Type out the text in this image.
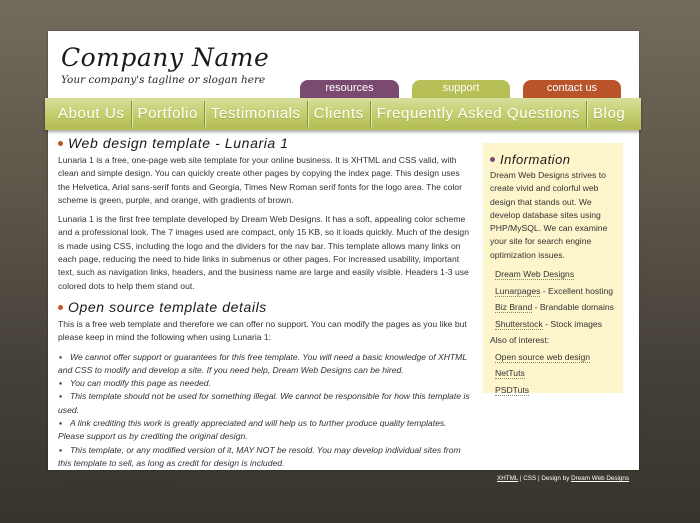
Company Name
Your company's tagline or slogan here
resources	support	contact us
Web design template - Lunaria 1

Lunaria 1 is a free, one-page web site template for your online business. It is XHTML and CSS valid, with clean and simple design. You can quickly create other pages by copying the index page. This design uses the Helvetica, Arial sans-serif fonts and Georgia, Times New Roman serif fonts for the logo area. The color scheme is green, purple, and orange, with gradients of brown.

Lunaria 1 is the first free template developed by Dream Web Designs. It has a soft, appealing color scheme and a professional look. The 7 images used are compact, only 15 KB, so it loads quickly. Much of the design is made using CSS, including the logo and the dividers for the nav bar. This template allows many links on each page, reducing the need to hide links in submenus or other pages. For increased usability, important text, such as navigation links, headers, and the business name are large and easily visible. Headers 1-3 use colored dots to help them stand out.

Open source template details

This is a free web template and therefore we can offer no support. You can modify the pages as you like but please keep in mind the following when using Lunaria 1:

▪ We cannot offer support or guarantees for this free template. You will need a basic knowledge of XHTML and CSS to modify and develop a site. If you need help, Dream Web Designs can be hired.
▪ You can modify this page as needed.
▪ This template should not be used for something illegal. We cannot be responsible for how this template is used.
▪ A link crediting this work is greatly appreciated and will help us to further produce quality templates. Please support us by crediting the original design.
▪ This template, or any modified version of it, MAY NOT be resold. You may develop individual sites from this template to sell, as long as credit for design is included.

Thank you for using Lunaria 1!

Information

Dream Web Designs strives to create vivid and colorful web design that stands out. We develop database sites using PHP/MySQL. We can examine your site for search engine optimization issues.

Dream Web Designs
Lunarpages - Excellent hosting
Biz Brand - Brandable domains
Shutterstock - Stock images
Also of interest:
Open source web design
NetTuts
PSDTuts
About Us Portfolio Testimonials Clients Frequently Asked Questions Blog
XHTML | CSS | Design by Dream Web Designs
